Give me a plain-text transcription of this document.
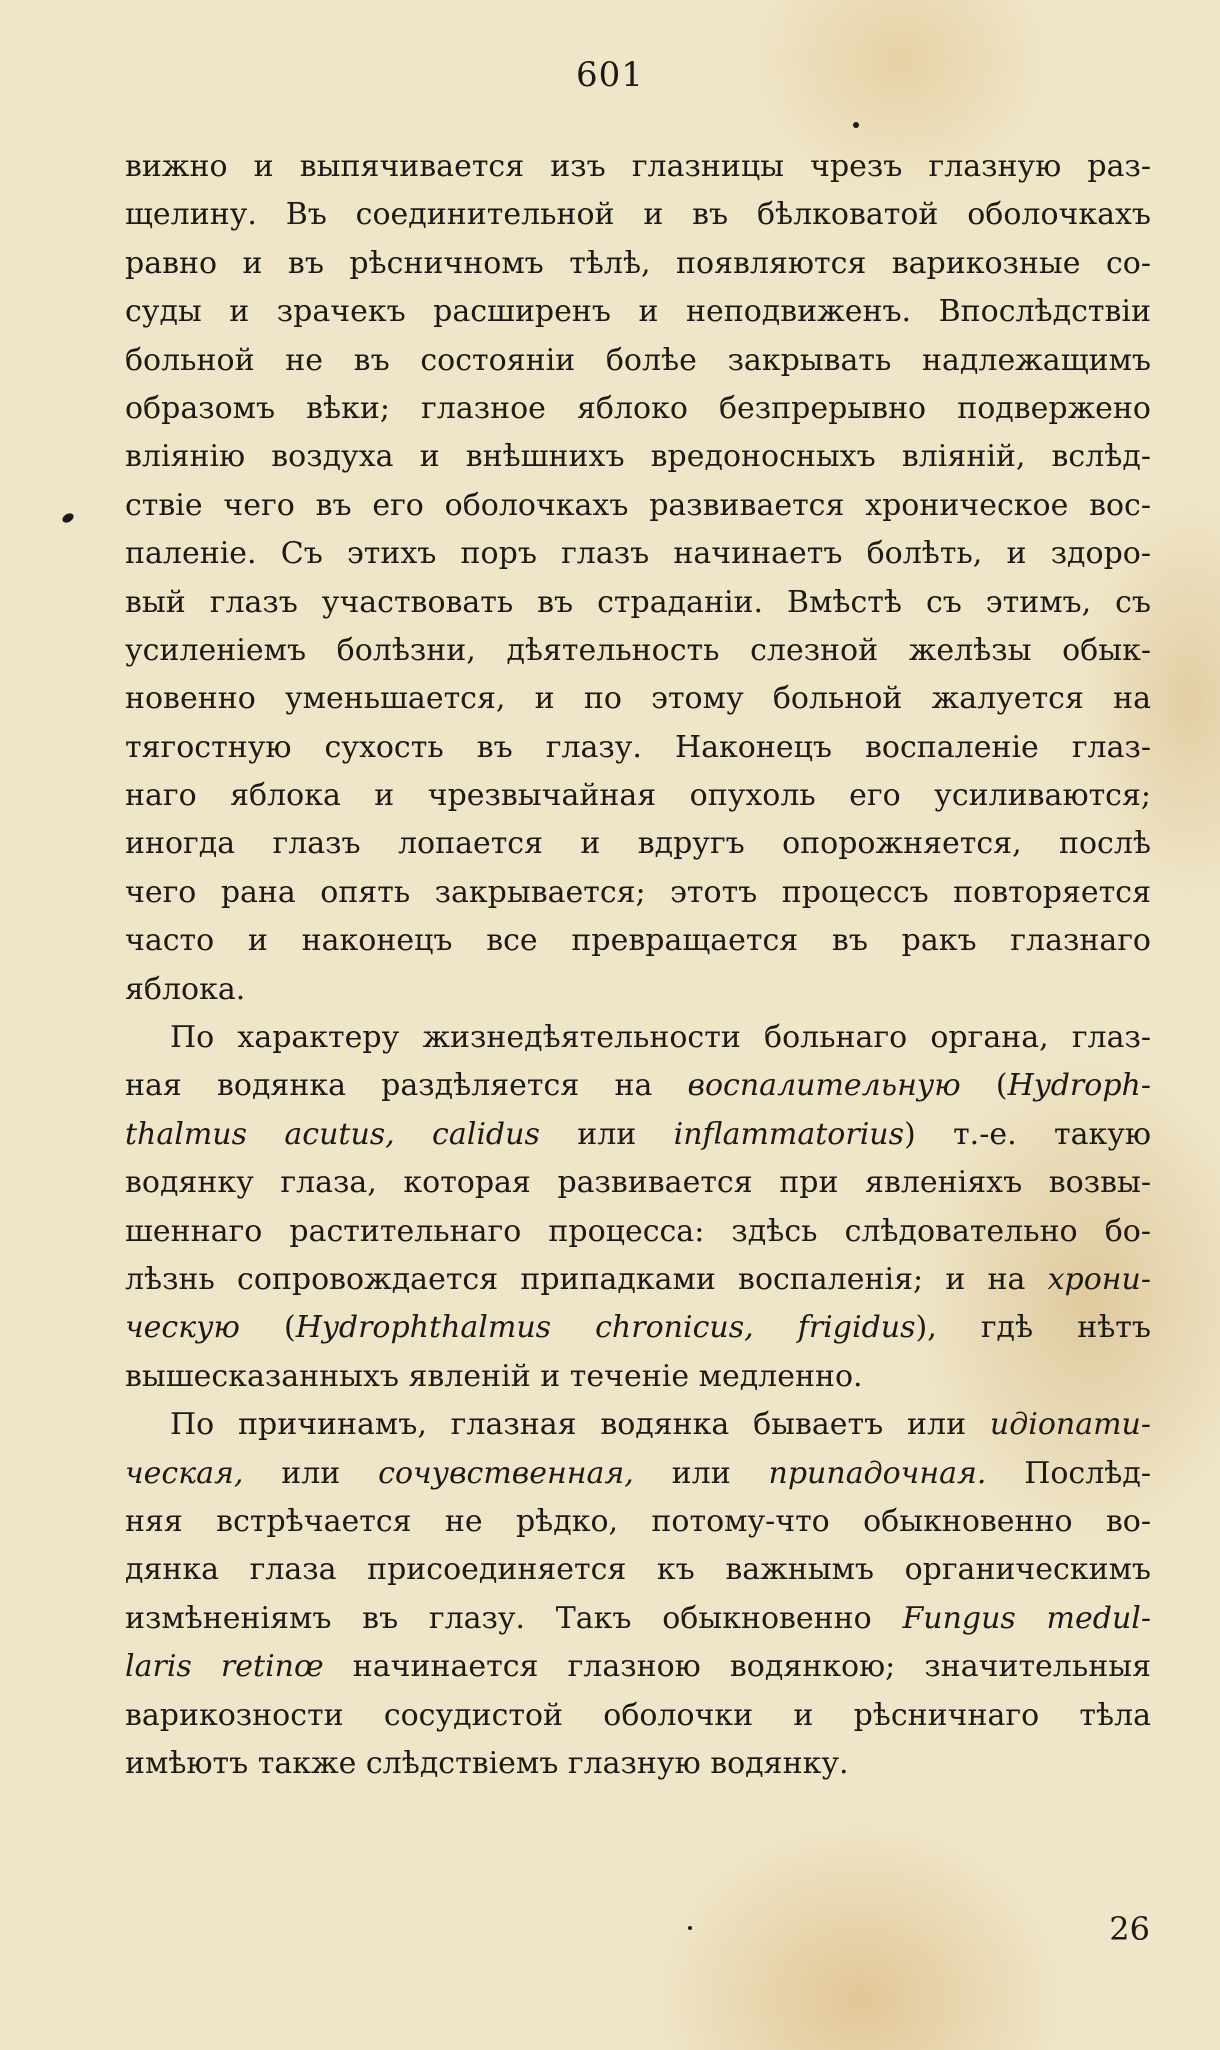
601
вижно и выпячивается изъ глазницы чрезъ глазную раз-
щелину. Въ соединительной и въ бѣлковатой оболочкахъ
равно и въ рѣсничномъ тѣлѣ, появляются варикозные со-
суды и зрачекъ расширенъ и неподвиженъ. Впослѣдствіи
больной не въ состояніи болѣе закрывать надлежащимъ
образомъ вѣки; глазное яблоко безпрерывно подвержено
вліянію воздуха и внѣшнихъ вредоносныхъ вліяній, вслѣд-
ствіе чего въ его оболочкахъ развивается хроническое вос-
паленіе. Съ этихъ поръ глазъ начинаетъ болѣть, и здоро-
вый глазъ участвовать въ страданіи. Вмѣстѣ съ этимъ, съ
усиленіемъ болѣзни, дѣятельность слезной желѣзы обык-
новенно уменьшается, и по этому больной жалуется на
тягостную сухость въ глазу. Наконецъ воспаленіе глаз-
наго яблока и чрезвычайная опухоль его усиливаются;
иногда глазъ лопается и вдругъ опорожняется, послѣ
чего рана опять закрывается; этотъ процессъ повторяется
часто и наконецъ все превращается въ ракъ глазнаго
яблока.
По характеру жизнедѣятельности больнаго органа, глаз-
ная водянка раздѣляется на воспалительную (Hydroph-
thalmus acutus, calidus или inflammatorius) т.-е. такую
водянку глаза, которая развивается при явленіяхъ возвы-
шеннаго растительнаго процесса: здѣсь слѣдовательно бо-
лѣзнь сопровождается припадками воспаленія; и на хрони-
ческую (Hydrophthalmus chronicus, frigidus), гдѣ нѣтъ
вышесказанныхъ явленій и теченіе медленно.
По причинамъ, глазная водянка бываетъ или идіопати-
ческая, или сочувственная, или припадочная. Послѣд-
няя встрѣчается не рѣдко, потому-что обыкновенно во-
дянка глаза присоединяется къ важнымъ органическимъ
измѣненіямъ въ глазу. Такъ обыкновенно Fungus medul-
laris retinœ начинается глазною водянкою; значительныя
варикозности сосудистой оболочки и рѣсничнаго тѣла
имѣютъ также слѣдствіемъ глазную водянку.
26
